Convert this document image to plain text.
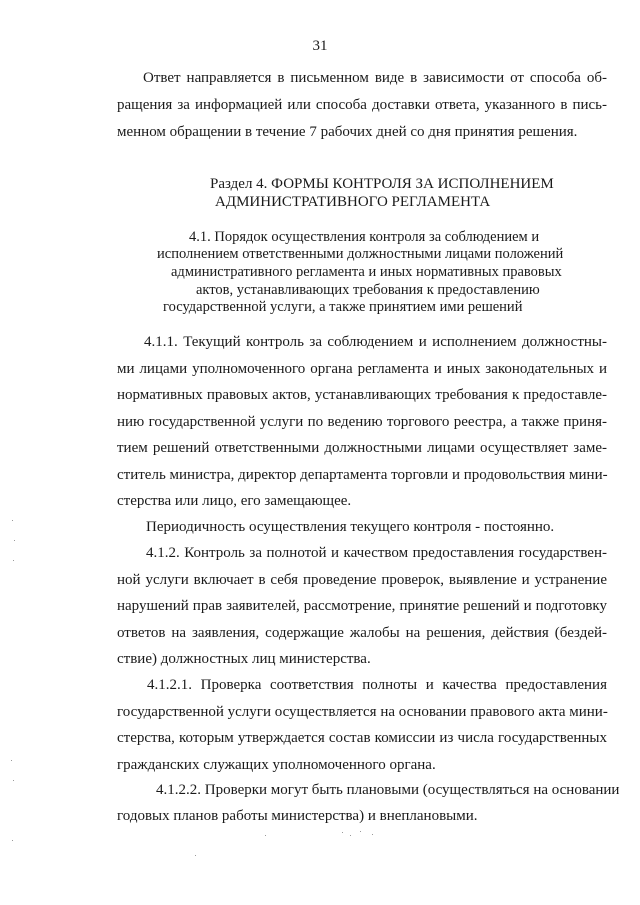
31
Ответ направляется в письменном виде в зависимости от способа об-
ращения за информацией или способа доставки ответа, указанного в пись-
менном обращении в течение 7 рабочих дней со дня принятия решения.
Раздел 4. ФОРМЫ КОНТРОЛЯ ЗА ИСПОЛНЕНИЕМ
АДМИНИСТРАТИВНОГО РЕГЛАМЕНТА
4.1. Порядок осуществления контроля за соблюдением и
исполнением ответственными должностными лицами положений
административного регламента и иных нормативных правовых
актов, устанавливающих требования к предоставлению
государственной услуги, а также принятием ими решений
4.1.1. Текущий контроль за соблюдением и исполнением должностны-
ми лицами уполномоченного органа регламента и иных законодательных и
нормативных правовых актов, устанавливающих требования к предоставле-
нию государственной услуги по ведению торгового реестра, а также приня-
тием решений ответственными должностными лицами осуществляет заме-
ститель министра, директор департамента торговли и продовольствия мини-
стерства или лицо, его замещающее.
Периодичность осуществления текущего контроля - постоянно.
4.1.2. Контроль за полнотой и качеством предоставления государствен-
ной услуги включает в себя проведение проверок, выявление и устранение
нарушений прав заявителей, рассмотрение, принятие решений и подготовку
ответов на заявления, содержащие жалобы на решения, действия (бездей-
ствие) должностных лиц министерства.
4.1.2.1. Проверка соответствия полноты и качества предоставления
государственной услуги осуществляется на основании правового акта мини-
стерства, которым утверждается состав комиссии из числа государственных
гражданских служащих уполномоченного органа.
4.1.2.2. Проверки могут быть плановыми (осуществляться на основании
годовых планов работы министерства) и внеплановыми.
